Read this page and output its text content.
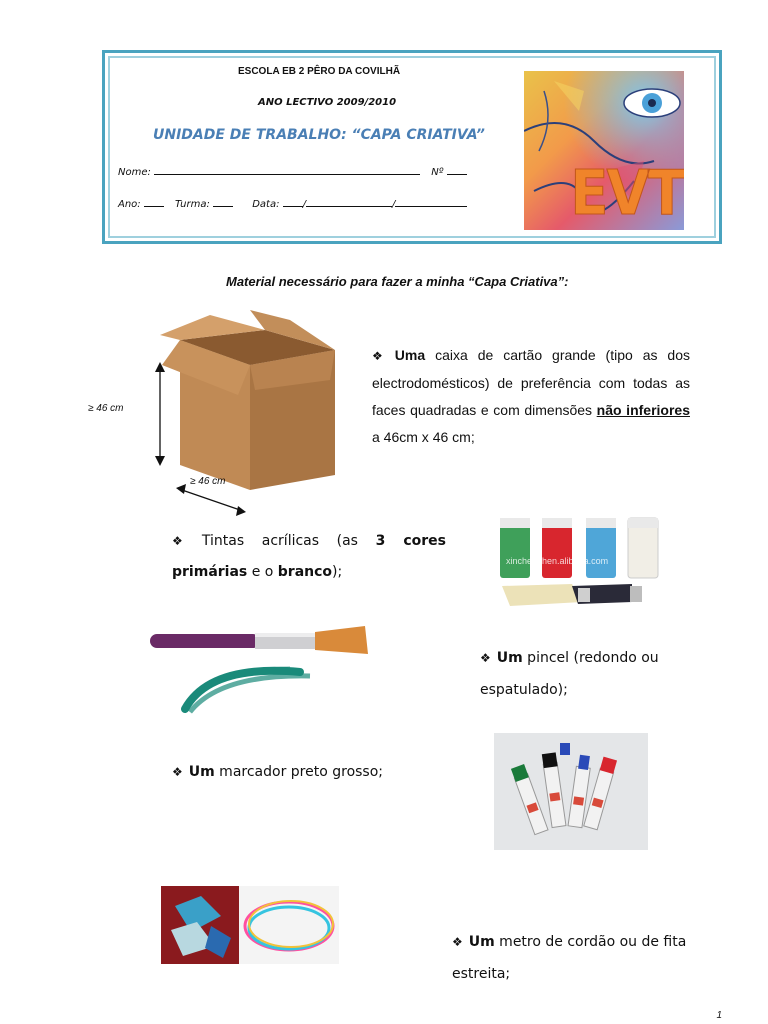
ESCOLA EB 2 PÊRO DA COVILHÃ
ANO LECTIVO 2009/2010
UNIDADE DE TRABALHO: “CAPA CRIATIVA”
Nome:	Nº
Ano:	Turma:	Data: /	/	EVT
Material necessário para fazer a minha “Capa Criativa”:
≥ 46 cm
≥ 46 cm
❖ Uma caixa de cartão grande (tipo as dos electrodomésticos) de preferência com todas as faces quadradas e com dimensões não inferiores a 46cm x 46 cm;
❖ Tintas acrílicas (as 3 cores primárias e o branco);
xinchenghen.alibaba.com
❖ Um pincel (redondo ou espatulado);
❖ Um marcador preto grosso;
❖ Um metro de cordão ou de fita estreita;
1
